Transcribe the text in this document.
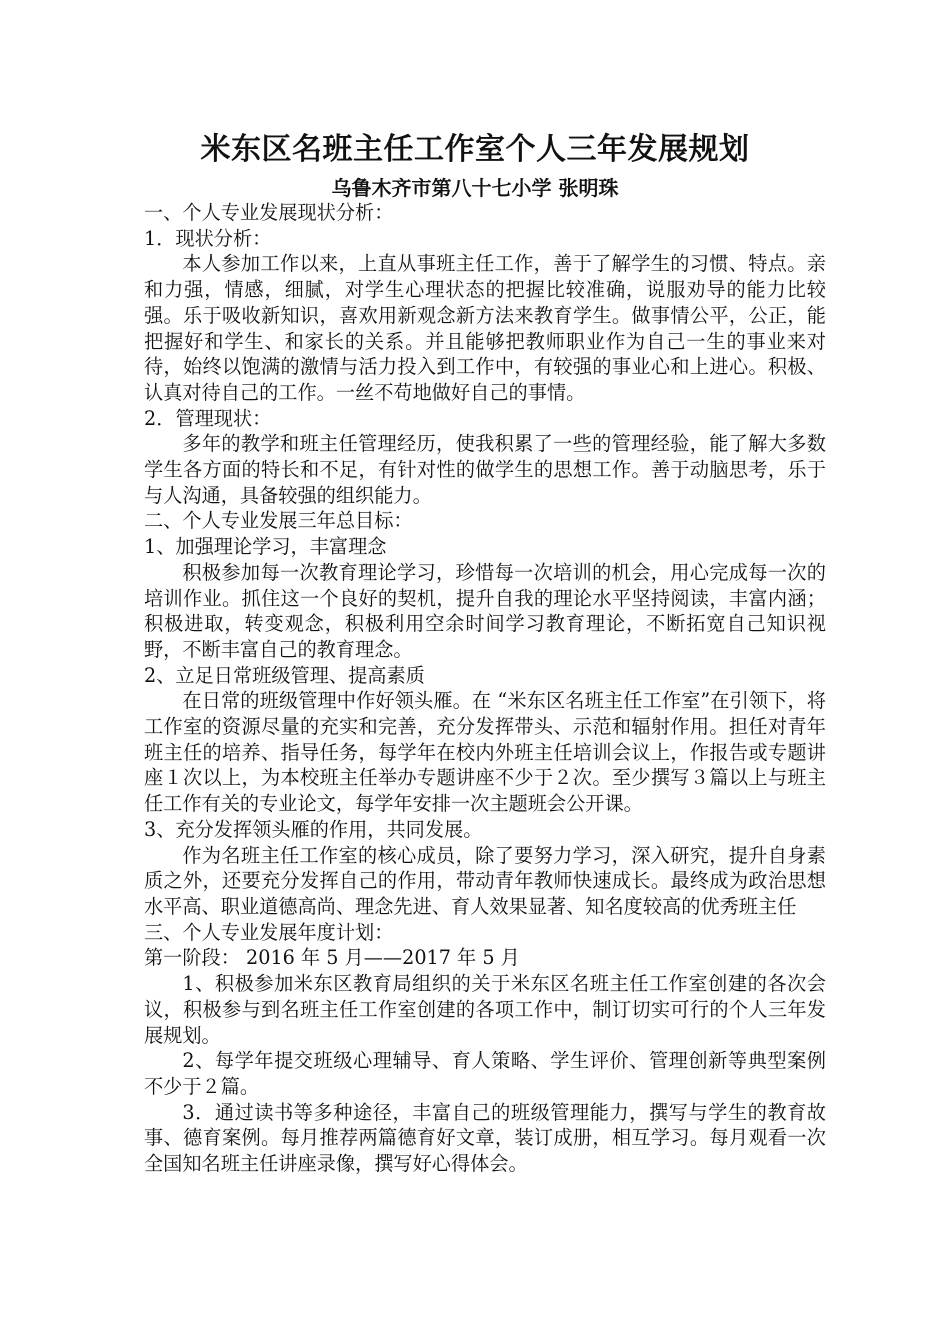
米东区名班主任工作室个人三年发展规划
乌鲁木齐市第八十七小学 张明珠

一、个人专业发展现状分析：

1．现状分析：

本人参加工作以来，上直从事班主任工作，善于了解学生的习惯、特点。亲和力强，情感，细腻，对学生心理状态的把握比较准确，说服劝导的能力比较强。乐于吸收新知识，喜欢用新观念新方法来教育学生。做事情公平，公正，能把握好和学生、和家长的关系。并且能够把教师职业作为自己一生的事业来对待，始终以饱满的激情与活力投入到工作中，有较强的事业心和上进心。积极、认真对待自己的工作。一丝不苟地做好自己的事情。

2．管理现状：

多年的教学和班主任管理经历，使我积累了一些的管理经验，能了解大多数学生各方面的特长和不足，有针对性的做学生的思想工作。善于动脑思考，乐于与人沟通，具备较强的组织能力。

二、个人专业发展三年总目标：

1、加强理论学习，丰富理念

积极参加每一次教育理论学习，珍惜每一次培训的机会，用心完成每一次的培训作业。抓住这一个良好的契机，提升自我的理论水平坚持阅读，丰富内涵；积极进取，转变观念，积极利用空余时间学习教育理论，不断拓宽自己知识视野，不断丰富自己的教育理念。

2、立足日常班级管理、提高素质

在日常的班级管理中作好领头雁。在 “米东区名班主任工作室”在引领下，将工作室的资源尽量的充实和完善，充分发挥带头、示范和辐射作用。担任对青年班主任的培养、指导任务，每学年在校内外班主任培训会议上，作报告或专题讲座１次以上，为本校班主任举办专题讲座不少于２次。至少撰写３篇以上与班主任工作有关的专业论文，每学年安排一次主题班会公开课。

3、充分发挥领头雁的作用，共同发展。

作为名班主任工作室的核心成员，除了要努力学习，深入研究，提升自身素质之外，还要充分发挥自己的作用，带动青年教师快速成长。最终成为政治思想水平高、职业道德高尚、理念先进、育人效果显著、知名度较高的优秀班主任

三、个人专业发展年度计划：

第一阶段： 2016 年 5 月——2017 年 5 月

1、积极参加米东区教育局组织的关于米东区名班主任工作室创建的各次会议，积极参与到名班主任工作室创建的各项工作中，制订切实可行的个人三年发展规划。

2、每学年提交班级心理辅导、育人策略、学生评价、管理创新等典型案例不少于２篇。

3．通过读书等多种途径，丰富自己的班级管理能力，撰写与学生的教育故事、德育案例。每月推荐两篇德育好文章，装订成册，相互学习。每月观看一次全国知名班主任讲座录像，撰写好心得体会。
